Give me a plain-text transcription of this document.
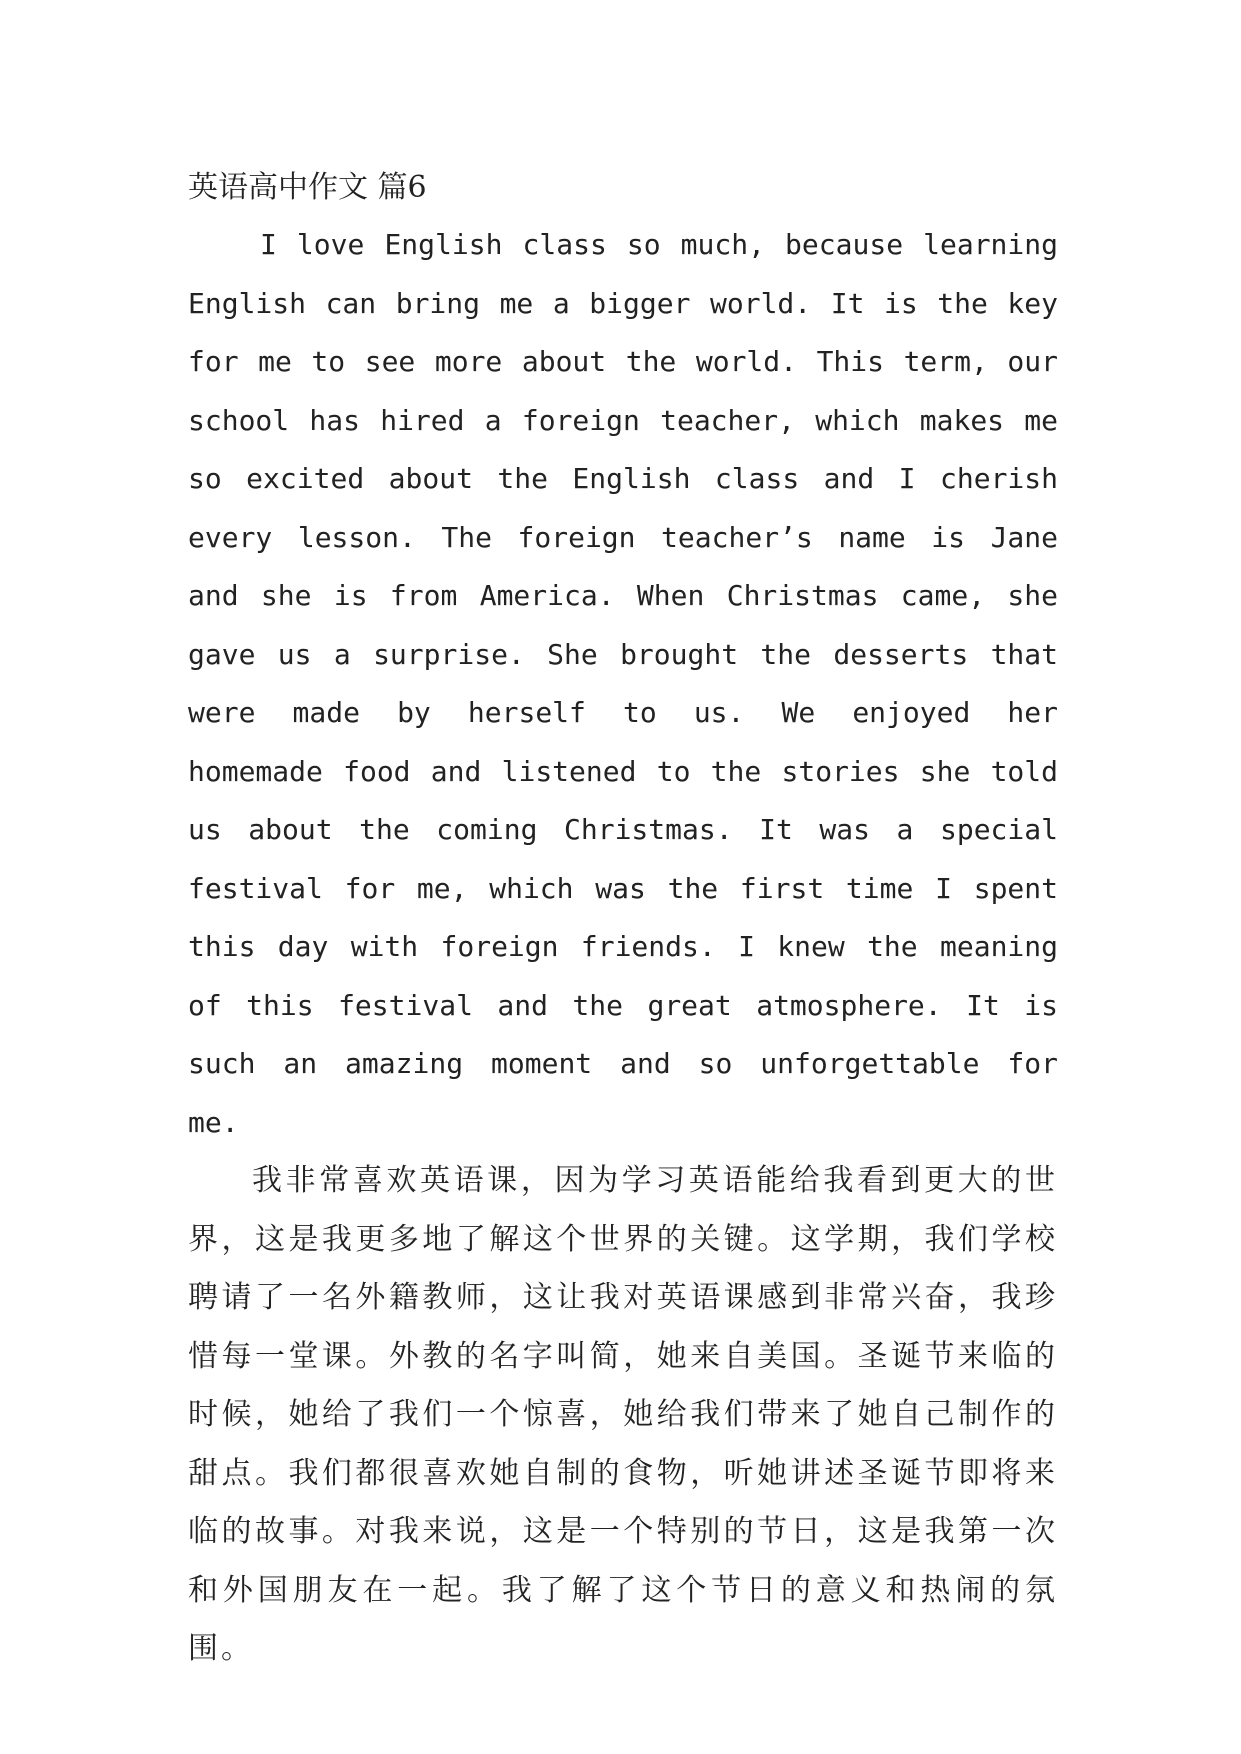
英语高中作文 篇6

I love English class so much, because learning English can bring me a bigger world. It is the key for me to see more about the world. This term, our school has hired a foreign teacher, which makes me so excited about the English class and I cherish every lesson. The foreign teacher’s name is Jane and she is from America. When Christmas came, she gave us a surprise. She brought the desserts that were made by herself to us. We enjoyed her homemade food and listened to the stories she told us about the coming Christmas. It was a special festival for me, which was the first time I spent this day with foreign friends. I knew the meaning of this festival and the great atmosphere. It is such an amazing moment and so unforgettable for me.

我非常喜欢英语课，因为学习英语能给我看到更大的世界，这是我更多地了解这个世界的关键。这学期，我们学校聘请了一名外籍教师，这让我对英语课感到非常兴奋，我珍惜每一堂课。外教的名字叫简，她来自美国。圣诞节来临的时候，她给了我们一个惊喜，她给我们带来了她自己制作的甜点。我们都很喜欢她自制的食物，听她讲述圣诞节即将来临的故事。对我来说，这是一个特别的节日，这是我第一次和外国朋友在一起。我了解了这个节日的意义和热闹的氛围。
